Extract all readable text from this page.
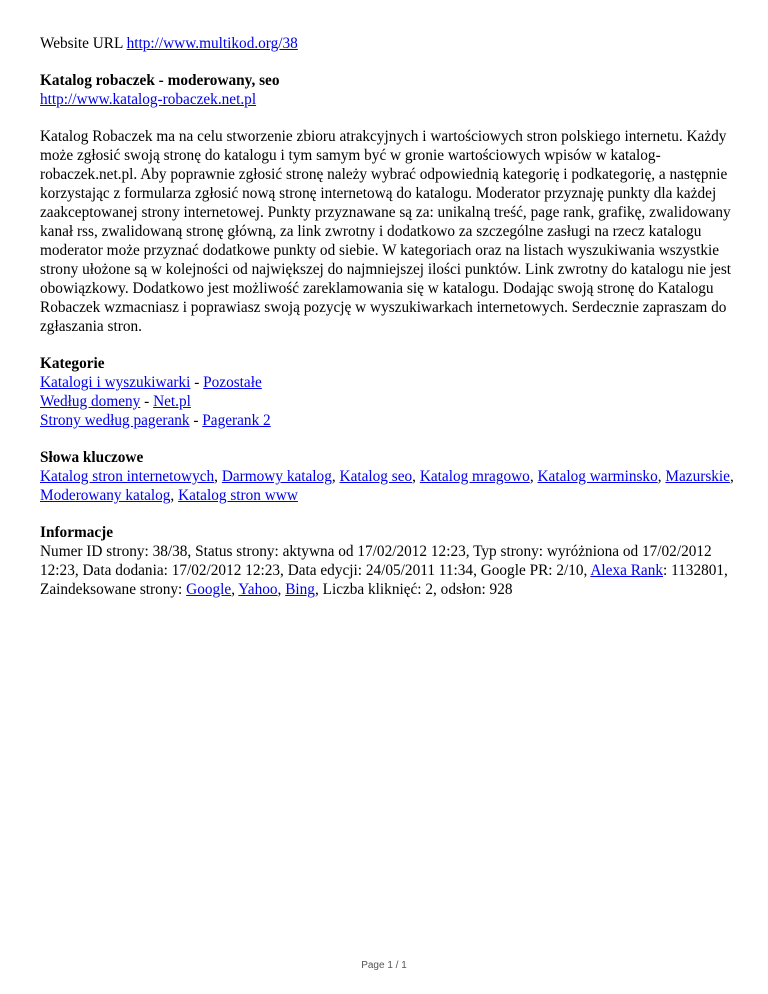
Website URL http://www.multikod.org/38

Katalog robaczek - moderowany, seo
http://www.katalog-robaczek.net.pl

Katalog Robaczek ma na celu stworzenie zbioru atrakcyjnych i wartościowych stron polskiego internetu. Każdy może zgłosić swoją stronę do katalogu i tym samym być w gronie wartościowych wpisów w katalog-robaczek.net.pl. Aby poprawnie zgłosić stronę należy wybrać odpowiednią kategorię i podkategorię, a następnie korzystając z formularza zgłosić nową stronę internetową do katalogu. Moderator przyznaję punkty dla każdej zaakceptowanej strony internetowej. Punkty przyznawane są za: unikalną treść, page rank, grafikę, zwalidowany kanał rss, zwalidowaną stronę główną, za link zwrotny i dodatkowo za szczególne zasługi na rzecz katalogu moderator może przyznać dodatkowe punkty od siebie. W kategoriach oraz na listach wyszukiwania wszystkie strony ułożone są w kolejności od największej do najmniejszej ilości punktów. Link zwrotny do katalogu nie jest obowiązkowy. Dodatkowo jest możliwość zareklamowania się w katalogu. Dodając swoją stronę do Katalogu Robaczek wzmacniasz i poprawiasz swoją pozycję w wyszukiwarkach internetowych. Serdecznie zapraszam do zgłaszania stron.

Kategorie
Katalogi i wyszukiwarki - Pozostałe
Według domeny - Net.pl
Strony według pagerank - Pagerank 2
Słowa kluczowe

Katalog stron internetowych, Darmowy katalog, Katalog seo, Katalog mragowo, Katalog warminsko, Mazurskie, Moderowany katalog, Katalog stron www

Informacje

Numer ID strony: 38/38, Status strony: aktywna od 17/02/2012 12:23, Typ strony: wyróżniona od 17/02/2012 12:23, Data dodania: 17/02/2012 12:23, Data edycji: 24/05/2011 11:34, Google PR: 2/10, Alexa Rank: 1132801, Zaindeksowane strony: Google, Yahoo, Bing, Liczba kliknięć: 2, odsłon: 928

Page 1 / 1
